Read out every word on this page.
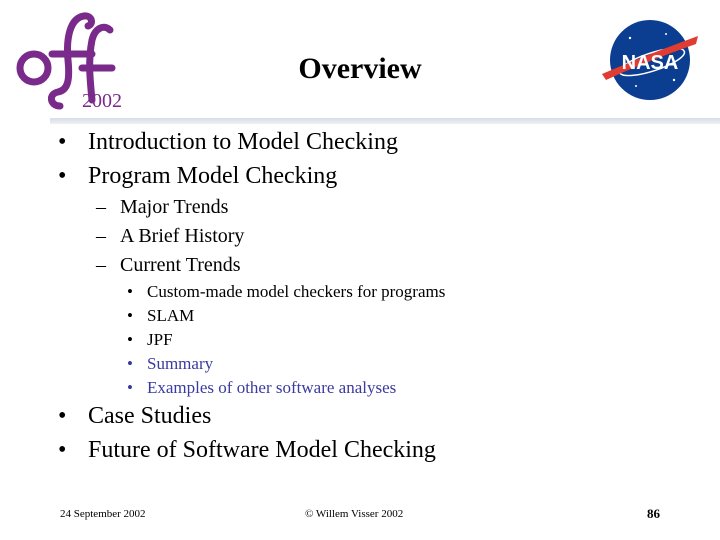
2002
Overview	NASA
• Introduction to Model Checking
• Program Model Checking
– Major Trends
– A Brief History
– Current Trends
• Custom-made model checkers for programs
• SLAM
• JPF
• Summary
• Examples of other software analyses
• Case Studies
• Future of Software Model Checking
24 September 2002	© Willem Visser 2002	86
